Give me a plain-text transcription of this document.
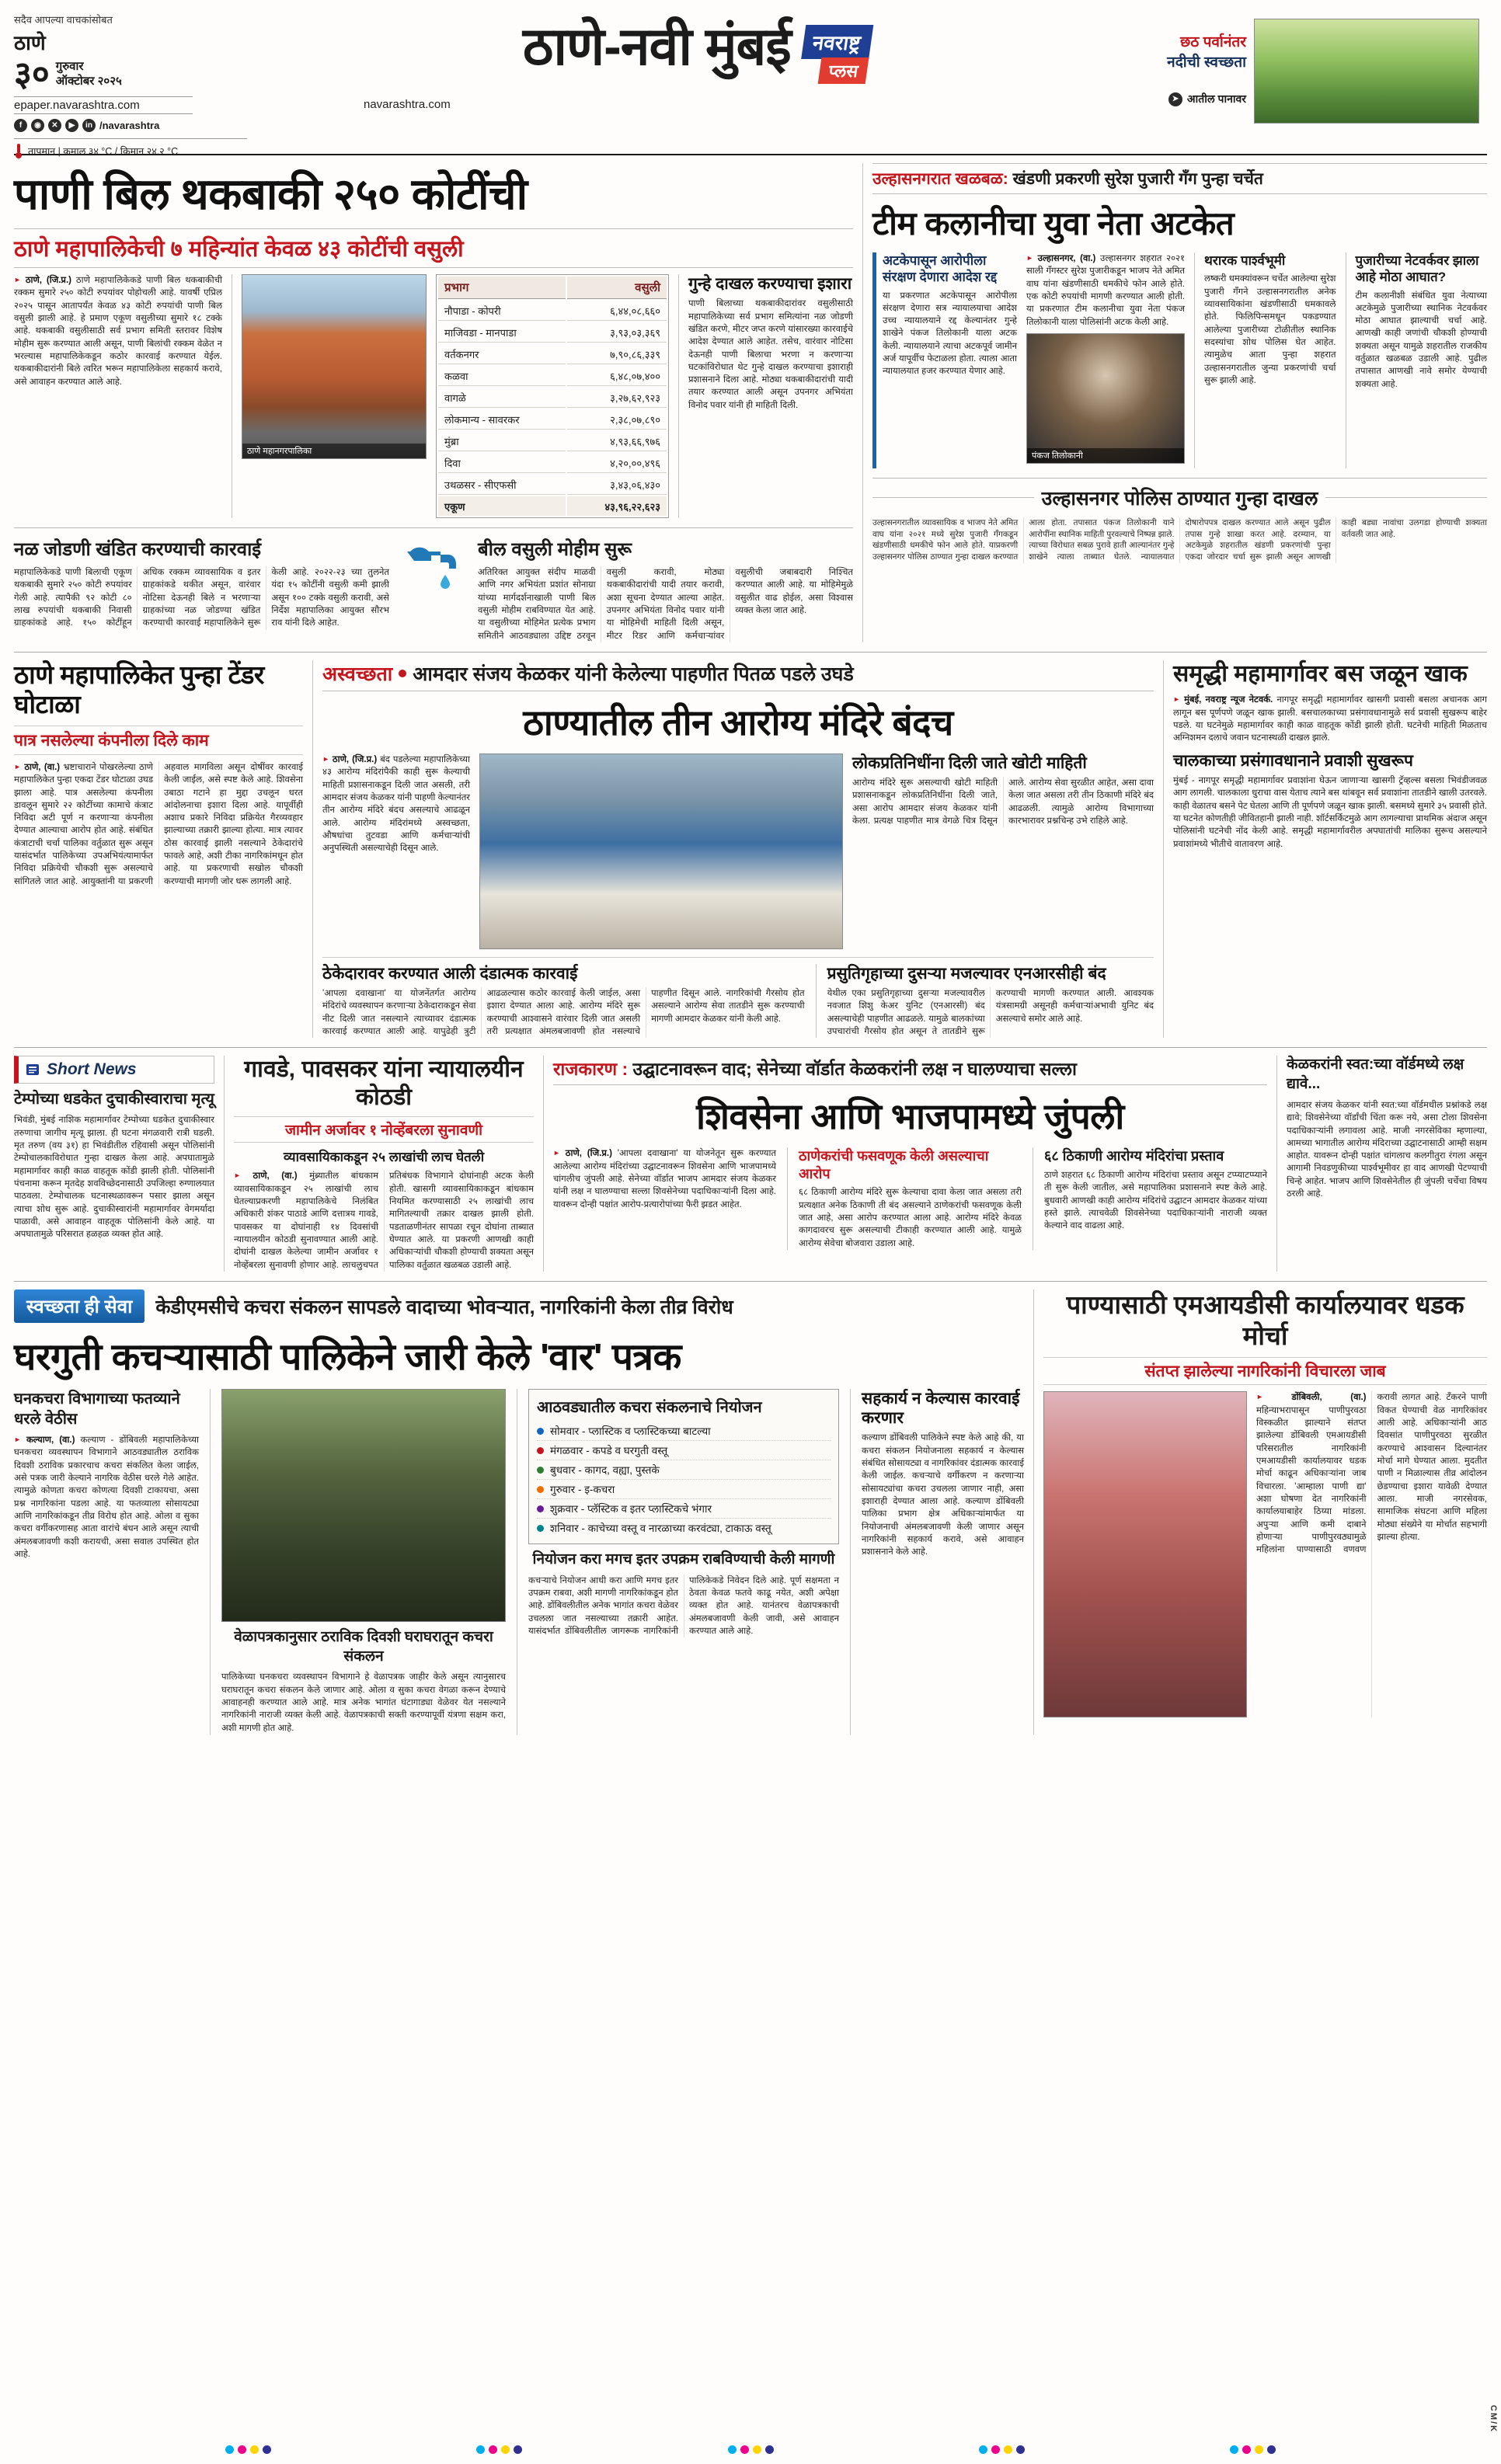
सदैव आपल्या वाचकांसोबत
ठाणे
३० गुरुवार
ऑक्टोबर २०२५
epaper.navarashtra.com
f	◉	✕	▶	in /navarashtra
तापमान | कमाल ३४ °C / किमान २४.२ °C
ठाणे-नवी मुंबई	नवराष्ट्र
प्लस
navarashtra.com
छठ पर्वानंतर
नदीची स्वच्छता
➤ आतील पानावर
पाणी बिल थकबाकी २५० कोटींची
ठाणे महापालिकेची ७ महिन्यांत केवळ ४३ कोटींची वसुली
► ठाणे, (जि.प्र.) ठाणे महापालिकेकडे पाणी बिल थकबाकीची रक्कम सुमारे २५० कोटी रुपयांवर पोहोचली आहे. यावर्षी एप्रिल २०२५ पासून आतापर्यंत केवळ ४३ कोटी रुपयांची पाणी बिल वसुली झाली आहे. हे प्रमाण एकूण वसुलीच्या सुमारे १८ टक्के आहे. थकबाकी वसुलीसाठी सर्व प्रभाग समिती स्तरावर विशेष मोहीम सुरू करण्यात आली असून, पाणी बिलांची रक्कम वेळेत न भरल्यास महापालिकेकडून कठोर कारवाई करण्यात येईल. थकबाकीदारांनी बिले त्वरित भरून महापालिकेला सहकार्य करावे, असे आवाहन करण्यात आले आहे.
ठाणे महानगरपालिका
प्रभाग	वसुली
नौपाडा - कोपरी	६,४४,०८,६६०
माजिवडा - मानपाडा	३,९३,०३,३६९
वर्तकनगर	७,९०,८६,३३९
कळवा	६,४८,०७,४००
वागळे	३,२७,६२,९२३
लोकमान्य - सावरकर	२,३८,०७,८९०
मुंब्रा	४,९३,६६,९७६
दिवा	४,२०,००,४९६
उथळसर - सीएफसी	३,४३,०६,४३०
एकूण	४३,९६,२२,६२३
गुन्हे दाखल करण्याचा इशारा
पाणी बिलाच्या थकबाकीदारांवर वसुलीसाठी महापालिकेच्या सर्व प्रभाग समित्यांना नळ जोडणी खंडित करणे, मीटर जप्त करणे यांसारख्या कारवाईचे आदेश देण्यात आले आहेत. तसेच, वारंवार नोटिसा देऊनही पाणी बिलाचा भरणा न करणाऱ्या घटकांविरोधात थेट गुन्हे दाखल करण्याचा इशाराही प्रशासनाने दिला आहे. मोठ्या थकबाकीदारांची यादी तयार करण्यात आली असून उपनगर अभियंता विनोद पवार यांनी ही माहिती दिली.
नळ जोडणी खंडित करण्याची कारवाई
महापालिकेकडे पाणी बिलाची एकूण थकबाकी सुमारे २५० कोटी रुपयांवर गेली आहे. त्यापैकी ९२ कोटी ८० लाख रुपयांची थकबाकी निवासी ग्राहकांकडे आहे. १५० कोटींहून अधिक रक्कम व्यावसायिक व इतर ग्राहकांकडे थकीत असून, वारंवार नोटिसा देऊनही बिले न भरणाऱ्या ग्राहकांच्या नळ जोडण्या खंडित करण्याची कारवाई महापालिकेने सुरू केली आहे. २०२२-२३ च्या तुलनेत यंदा १५ कोटींनी वसुली कमी झाली असून १०० टक्के वसुली करावी, असे निर्देश महापालिका आयुक्त सौरभ राव यांनी दिले आहेत.
बील वसुली मोहीम सुरू
अतिरिक्त आयुक्त संदीप माळवी आणि नगर अभियंता प्रशांत सोनाग्रा यांच्या मार्गदर्शनाखाली पाणी बिल वसुली मोहीम राबविण्यात येत आहे. या वसुलीच्या मोहिमेत प्रत्येक प्रभाग समितीने आठवड्याला उद्दिष्ट ठरवून वसुली करावी, मोठ्या थकबाकीदारांची यादी तयार करावी, अशा सूचना देण्यात आल्या आहेत. उपनगर अभियंता विनोद पवार यांनी या मोहिमेची माहिती दिली असून, मीटर रिडर आणि कर्मचाऱ्यांवर वसुलीची जबाबदारी निश्चित करण्यात आली आहे. या मोहिमेमुळे वसुलीत वाढ होईल, असा विश्वास व्यक्त केला जात आहे.
उल्हासनगरात खळबळ: खंडणी प्रकरणी सुरेश पुजारी गँग पुन्हा चर्चेत
टीम कलानीचा युवा नेता अटकेत
अटकेपासून आरोपीला संरक्षण देणारा आदेश रद्द
या प्रकरणात अटकेपासून आरोपीला संरक्षण देणारा सत्र न्यायालयाचा आदेश उच्च न्यायालयाने रद्द केल्यानंतर गुन्हे शाखेने पंकज तिलोकानी याला अटक केली. न्यायालयाने त्याचा अटकपूर्व जामीन अर्ज यापूर्वीच फेटाळला होता. त्याला आता न्यायालयात हजर करण्यात येणार आहे.
► उल्हासनगर, (वा.) उल्हासनगर शहरात २०२१ साली गँगस्टर सुरेश पुजारीकडून भाजप नेते अमित वाघ यांना खंडणीसाठी धमकीचे फोन आले होते. एक कोटी रुपयांची मागणी करण्यात आली होती. या प्रकरणात टीम कलानीचा युवा नेता पंकज तिलोकानी याला पोलिसांनी अटक केली आहे.
पंकज तिलोकानी
थरारक पार्श्वभूमी
लष्करी धमक्यांवरून चर्चेत आलेल्या सुरेश पुजारी गँगने उल्हासनगरातील अनेक व्यावसायिकांना खंडणीसाठी धमकावले होते. फिलिपिन्समधून पकडण्यात आलेल्या पुजारीच्या टोळीतील स्थानिक सदस्यांचा शोध पोलिस घेत आहेत. त्यामुळेच आता पुन्हा शहरात उल्हासनगरातील जुन्या प्रकरणांची चर्चा सुरू झाली आहे.
पुजारीच्या नेटवर्कवर झाला आहे मोठा आघात?
टीम कलानीशी संबंधित युवा नेत्याच्या अटकेमुळे पुजारीच्या स्थानिक नेटवर्कवर मोठा आघात झाल्याची चर्चा आहे. आणखी काही जणांची चौकशी होण्याची शक्यता असून यामुळे शहरातील राजकीय वर्तुळात खळबळ उडाली आहे. पुढील तपासात आणखी नावे समोर येण्याची शक्यता आहे.
उल्हासनगर पोलिस ठाण्यात गुन्हा दाखल
उल्हासनगरातील व्यावसायिक व भाजप नेते अमित वाघ यांना २०२१ मध्ये सुरेश पुजारी गँगकडून खंडणीसाठी धमकीचे फोन आले होते. याप्रकरणी उल्हासनगर पोलिस ठाण्यात गुन्हा दाखल करण्यात आला होता. तपासात पंकज तिलोकानी याने आरोपींना स्थानिक माहिती पुरवल्याचे निष्पन्न झाले. त्याच्या विरोधात सबळ पुरावे हाती आल्यानंतर गुन्हे शाखेने त्याला ताब्यात घेतले. न्यायालयात दोषारोपपत्र दाखल करण्यात आले असून पुढील तपास गुन्हे शाखा करत आहे. दरम्यान, या अटकेमुळे शहरातील खंडणी प्रकरणांची पुन्हा एकदा जोरदार चर्चा सुरू झाली असून आणखी काही बड्या नावांचा उलगडा होण्याची शक्यता वर्तवली जात आहे.
ठाणे महापालिकेत पुन्हा टेंडर घोटाळा
पात्र नसलेल्या कंपनीला दिले काम
► ठाणे, (वा.) भ्रष्टाचाराने पोखरलेल्या ठाणे महापालिकेत पुन्हा एकदा टेंडर घोटाळा उघड झाला आहे. पात्र असलेल्या कंपनीला डावलून सुमारे २२ कोटींच्या कामाचे कंत्राट निविदा अटी पूर्ण न करणाऱ्या कंपनीला देण्यात आल्याचा आरोप होत आहे. संबंधित कंत्राटाची चर्चा पालिका वर्तुळात सुरू असून यासंदर्भात पालिकेच्या उपअभियंत्यामार्फत निविदा प्रक्रियेची चौकशी सुरू असल्याचे सांगितले जात आहे. आयुक्तांनी या प्रकरणी अहवाल मागविला असून दोषींवर कारवाई केली जाईल, असे स्पष्ट केले आहे. शिवसेना उबाठा गटाने हा मुद्दा उचलून धरत आंदोलनाचा इशारा दिला आहे. यापूर्वीही अशाच प्रकारे निविदा प्रक्रियेत गैरव्यवहार झाल्याच्या तक्रारी झाल्या होत्या. मात्र त्यावर ठोस कारवाई झाली नसल्याने ठेकेदारांचे फावले आहे, अशी टीका नागरिकांमधून होत आहे. या प्रकरणाची सखोल चौकशी करण्याची मागणी जोर धरू लागली आहे.
अस्वच्छता आमदार संजय केळकर यांनी केलेल्या पाहणीत पितळ पडले उघडे
ठाण्यातील तीन आरोग्य मंदिरे बंदच
► ठाणे, (जि.प्र.) बंद पडलेल्या महापालिकेच्या ४३ आरोग्य मंदिरांपैकी काही सुरू केल्याची माहिती प्रशासनाकडून दिली जात असली, तरी आमदार संजय केळकर यांनी पाहणी केल्यानंतर तीन आरोग्य मंदिरे बंदच असल्याचे आढळून आले. आरोग्य मंदिरांमध्ये अस्वच्छता, औषधांचा तुटवडा आणि कर्मचाऱ्यांची अनुपस्थिती असल्याचेही दिसून आले.
लोकप्रतिनिधींना दिली जाते खोटी माहिती
आरोग्य मंदिरे सुरू असल्याची खोटी माहिती प्रशासनाकडून लोकप्रतिनिधींना दिली जाते, असा आरोप आमदार संजय केळकर यांनी केला. प्रत्यक्ष पाहणीत मात्र वेगळे चित्र दिसून आले. आरोग्य सेवा सुरळीत आहेत, असा दावा केला जात असला तरी तीन ठिकाणी मंदिरे बंद आढळली. त्यामुळे आरोग्य विभागाच्या कारभारावर प्रश्नचिन्ह उभे राहिले आहे.
ठेकेदारावर करण्यात आली दंडात्मक कारवाई
'आपला दवाखाना' या योजनेंतर्गत आरोग्य मंदिरांचे व्यवस्थापन करणाऱ्या ठेकेदाराकडून सेवा नीट दिली जात नसल्याने त्याच्यावर दंडात्मक कारवाई करण्यात आली आहे. यापुढेही त्रुटी आढळल्यास कठोर कारवाई केली जाईल, असा इशारा देण्यात आला आहे. आरोग्य मंदिरे सुरू करण्याची आश्वासने वारंवार दिली जात असली तरी प्रत्यक्षात अंमलबजावणी होत नसल्याचे पाहणीत दिसून आले. नागरिकांची गैरसोय होत असल्याने आरोग्य सेवा तातडीने सुरू करण्याची मागणी आमदार केळकर यांनी केली आहे.
प्रसुतिगृहाच्या दुसऱ्या मजल्यावर एनआरसीही बंद
येथील एका प्रसुतिगृहाच्या दुसऱ्या मजल्यावरील नवजात शिशु केअर युनिट (एनआरसी) बंद असल्याचेही पाहणीत आढळले. यामुळे बालकांच्या उपचारांची गैरसोय होत असून ते तातडीने सुरू करण्याची मागणी करण्यात आली. आवश्यक यंत्रसामग्री असूनही कर्मचाऱ्यांअभावी युनिट बंद असल्याचे समोर आले आहे.
समृद्धी महामार्गावर बस जळून खाक
► मुंबई, नवराष्ट्र न्यूज नेटवर्क. नागपूर समृद्धी महामार्गावर खासगी प्रवासी बसला अचानक आग लागून बस पूर्णपणे जळून खाक झाली. बसचालकाच्या प्रसंगावधानामुळे सर्व प्रवासी सुखरूप बाहेर पडले. या घटनेमुळे महामार्गावर काही काळ वाहतूक कोंडी झाली होती. घटनेची माहिती मिळताच अग्निशमन दलाचे जवान घटनास्थळी दाखल झाले.
चालकाच्या प्रसंगावधानाने प्रवाशी सुखरूप
मुंबई - नागपूर समृद्धी महामार्गावर प्रवाशांना घेऊन जाणाऱ्या खासगी ट्रॅव्हल्स बसला भिवंडीजवळ आग लागली. चालकाला धुराचा वास येताच त्याने बस थांबवून सर्व प्रवाशांना तातडीने खाली उतरवले. काही वेळातच बसने पेट घेतला आणि ती पूर्णपणे जळून खाक झाली. बसमध्ये सुमारे ३५ प्रवासी होते. या घटनेत कोणतीही जीवितहानी झाली नाही. शॉर्टसर्किटमुळे आग लागल्याचा प्राथमिक अंदाज असून पोलिसांनी घटनेची नोंद केली आहे. समृद्धी महामार्गावरील अपघातांची मालिका सुरूच असल्याने प्रवाशांमध्ये भीतीचे वातावरण आहे.
Short News
टेम्पोच्या धडकेत दुचाकीस्वाराचा मृत्यू
भिवंडी, मुंबई नाशिक महामार्गावर टेम्पोच्या धडकेत दुचाकीस्वार तरुणाचा जागीच मृत्यू झाला. ही घटना मंगळवारी रात्री घडली. मृत तरुण (वय ३१) हा भिवंडीतील रहिवासी असून पोलिसांनी टेम्पोचालकाविरोधात गुन्हा दाखल केला आहे. अपघातामुळे महामार्गावर काही काळ वाहतूक कोंडी झाली होती. पोलिसांनी पंचनामा करून मृतदेह शवविच्छेदनासाठी उपजिल्हा रुग्णालयात पाठवला. टेम्पोचालक घटनास्थळावरून पसार झाला असून त्याचा शोध सुरू आहे. दुचाकीस्वारांनी महामार्गावर वेगमर्यादा पाळावी, असे आवाहन वाहतूक पोलिसांनी केले आहे. या अपघातामुळे परिसरात हळहळ व्यक्त होत आहे.
गावडे, पावसकर यांना न्यायालयीन कोठडी
जामीन अर्जावर १ नोव्हेंबरला सुनावणी
व्यावसायिकाकडून २५ लाखांची लाच घेतली
► ठाणे, (वा.) मुंब्र्यातील बांधकाम व्यावसायिकाकडून २५ लाखांची लाच घेतल्याप्रकरणी महापालिकेचे निलंबित अधिकारी शंकर पाठाडे आणि दत्तात्रय गावडे, पावसकर या दोघांनाही १४ दिवसांची न्यायालयीन कोठडी सुनावण्यात आली आहे. दोघांनी दाखल केलेल्या जामीन अर्जावर १ नोव्हेंबरला सुनावणी होणार आहे. लाचलुचपत प्रतिबंधक विभागाने दोघांनाही अटक केली होती. खासगी व्यावसायिकाकडून बांधकाम नियमित करण्यासाठी २५ लाखांची लाच मागितल्याची तक्रार दाखल झाली होती. पडताळणीनंतर सापळा रचून दोघांना ताब्यात घेण्यात आले. या प्रकरणी आणखी काही अधिकाऱ्यांची चौकशी होण्याची शक्यता असून पालिका वर्तुळात खळबळ उडाली आहे.
राजकारण : उद्घाटनावरून वाद; सेनेच्या वॉर्डात केळकरांनी लक्ष न घालण्याचा सल्ला
शिवसेना आणि भाजपामध्ये जुंपली
► ठाणे, (जि.प्र.) 'आपला दवाखाना' या योजनेतून सुरू करण्यात आलेल्या आरोग्य मंदिरांच्या उद्घाटनावरून शिवसेना आणि भाजपामध्ये चांगलीच जुंपली आहे. सेनेच्या वॉर्डात भाजप आमदार संजय केळकर यांनी लक्ष न घालण्याचा सल्ला शिवसेनेच्या पदाधिकाऱ्यांनी दिला आहे. यावरून दोन्ही पक्षांत आरोप-प्रत्यारोपांच्या फैरी झडत आहेत.
ठाणेकरांची फसवणूक केली असल्याचा आरोप
६८ ठिकाणी आरोग्य मंदिरे सुरू केल्याचा दावा केला जात असला तरी प्रत्यक्षात अनेक ठिकाणी ती बंद असल्याने ठाणेकरांची फसवणूक केली जात आहे, असा आरोप करण्यात आला आहे. आरोग्य मंदिरे केवळ कागदावरच सुरू असल्याची टीकाही करण्यात आली आहे. यामुळे आरोग्य सेवेचा बोजवारा उडाला आहे.
६८ ठिकाणी आरोग्य मंदिरांचा प्रस्ताव
ठाणे शहरात ६८ ठिकाणी आरोग्य मंदिरांचा प्रस्ताव असून टप्प्याटप्प्याने ती सुरू केली जातील, असे महापालिका प्रशासनाने स्पष्ट केले आहे. बुधवारी आणखी काही आरोग्य मंदिरांचे उद्घाटन आमदार केळकर यांच्या हस्ते झाले. त्याचवेळी शिवसेनेच्या पदाधिकाऱ्यांनी नाराजी व्यक्त केल्याने वाद वाढला आहे.
केळकरांनी स्वत:च्या वॉर्डमध्ये लक्ष द्यावे...
आमदार संजय केळकर यांनी स्वत:च्या वॉर्डमधील प्रश्नांकडे लक्ष द्यावे; शिवसेनेच्या वॉर्डांची चिंता करू नये, असा टोला शिवसेना पदाधिकाऱ्यांनी लगावला आहे. माजी नगरसेविका म्हणाल्या, आमच्या भागातील आरोग्य मंदिराच्या उद्घाटनासाठी आम्ही सक्षम आहोत. यावरून दोन्ही पक्षांत चांगलाच कलगीतुरा रंगला असून आगामी निवडणुकीच्या पार्श्वभूमीवर हा वाद आणखी पेटण्याची चिन्हे आहेत. भाजप आणि शिवसेनेतील ही जुंपली चर्चेचा विषय ठरली आहे.
स्वच्छता ही सेवा	केडीएमसीचे कचरा संकलन सापडले वादाच्या भोवऱ्यात, नागरिकांनी केला तीव्र विरोध
घरगुती कचऱ्यासाठी पालिकेने जारी केले 'वार' पत्रक
घनकचरा विभागाच्या फतव्याने धरले वेठीस
► कल्याण, (वा.) कल्याण - डोंबिवली महापालिकेच्या घनकचरा व्यवस्थापन विभागाने आठवड्यातील ठराविक दिवशी ठराविक प्रकारचाच कचरा संकलित केला जाईल, असे पत्रक जारी केल्याने नागरिक वेठीस धरले गेले आहेत. त्यामुळे कोणता कचरा कोणत्या दिवशी टाकायचा, असा प्रश्न नागरिकांना पडला आहे. या फतव्याला सोसायट्या आणि नागरिकांकडून तीव्र विरोध होत आहे. ओला व सुका कचरा वर्गीकरणासह आता वारांचे बंधन आले असून त्याची अंमलबजावणी कशी करायची, असा सवाल उपस्थित होत आहे.
वेळापत्रकानुसार ठराविक दिवशी घराघरातून कचरा संकलन
पालिकेच्या घनकचरा व्यवस्थापन विभागाने हे वेळापत्रक जाहीर केले असून त्यानुसारच घराघरातून कचरा संकलन केले जाणार आहे. ओला व सुका कचरा वेगळा करून देण्याचे आवाहनही करण्यात आले आहे. मात्र अनेक भागांत घंटागाड्या वेळेवर येत नसल्याने नागरिकांनी नाराजी व्यक्त केली आहे. वेळापत्रकाची सक्ती करण्यापूर्वी यंत्रणा सक्षम करा, अशी मागणी होत आहे.
आठवड्यातील कचरा संकलनाचे नियोजन
सोमवार - प्लास्टिक व प्लास्टिकच्या बाटल्या
मंगळवार - कपडे व घरगुती वस्तू
बुधवार - कागद, वह्या, पुस्तके
गुरुवार - इ-कचरा
शुक्रवार - प्लॅस्टिक व इतर प्लास्टिकचे भंगार
शनिवार - काचेच्या वस्तू व नारळाच्या करवंट्या, टाकाऊ वस्तू
नियोजन करा मगच इतर उपक्रम राबविण्याची केली मागणी
कचऱ्याचे नियोजन आधी करा आणि मगच इतर उपक्रम राबवा, अशी मागणी नागरिकांकडून होत आहे. डोंबिवलीतील अनेक भागांत कचरा वेळेवर उचलला जात नसल्याच्या तक्रारी आहेत. यासंदर्भात डोंबिवलीतील जागरूक नागरिकांनी पालिकेकडे निवेदन दिले आहे. पूर्ण सक्षमता न ठेवता केवळ फतवे काढू नयेत, अशी अपेक्षा व्यक्त होत आहे. यानंतरच वेळापत्रकाची अंमलबजावणी केली जावी, असे आवाहन करण्यात आले आहे.
सहकार्य न केल्यास कारवाई करणार
कल्याण डोंबिवली पालिकेने स्पष्ट केले आहे की, या कचरा संकलन नियोजनाला सहकार्य न केल्यास संबंधित सोसायट्या व नागरिकांवर दंडात्मक कारवाई केली जाईल. कचऱ्याचे वर्गीकरण न करणाऱ्या सोसायट्यांचा कचरा उचलला जाणार नाही, असा इशाराही देण्यात आला आहे. कल्याण डोंबिवली पालिका प्रभाग क्षेत्र अधिकाऱ्यांमार्फत या नियोजनाची अंमलबजावणी केली जाणार असून नागरिकांनी सहकार्य करावे, असे आवाहन प्रशासनाने केले आहे.
पाण्यासाठी एमआयडीसी कार्यालयावर धडक मोर्चा
संतप्त झालेल्या नागरिकांनी विचारला जाब
►	डोंबिवली, (वा.) महिन्याभरापासून पाणीपुरवठा विस्कळीत झाल्याने संतप्त झालेल्या डोंबिवली एमआयडीसी परिसरातील नागरिकांनी एमआयडीसी कार्यालयावर धडक मोर्चा काढून अधिकाऱ्यांना जाब विचारला. 'आम्हाला पाणी द्या' अशा घोषणा देत नागरिकांनी कार्यालयाबाहेर ठिय्या मांडला. अपुऱ्या आणि कमी दाबाने होणाऱ्या पाणीपुरवठ्यामुळे महिलांना पाण्यासाठी वणवण करावी लागत आहे. टँकरने पाणी विकत घेण्याची वेळ नागरिकांवर आली आहे. अधिकाऱ्यांनी आठ दिवसांत पाणीपुरवठा सुरळीत करण्याचे आश्वासन दिल्यानंतर मोर्चा मागे घेण्यात आला. मुदतीत पाणी न मिळाल्यास तीव्र आंदोलन छेडण्याचा इशारा यावेळी देण्यात आला. माजी नगरसेवक, सामाजिक संघटना आणि महिला मोठ्या संख्येने या मोर्चात सहभागी झाल्या होत्या.
CM/K
